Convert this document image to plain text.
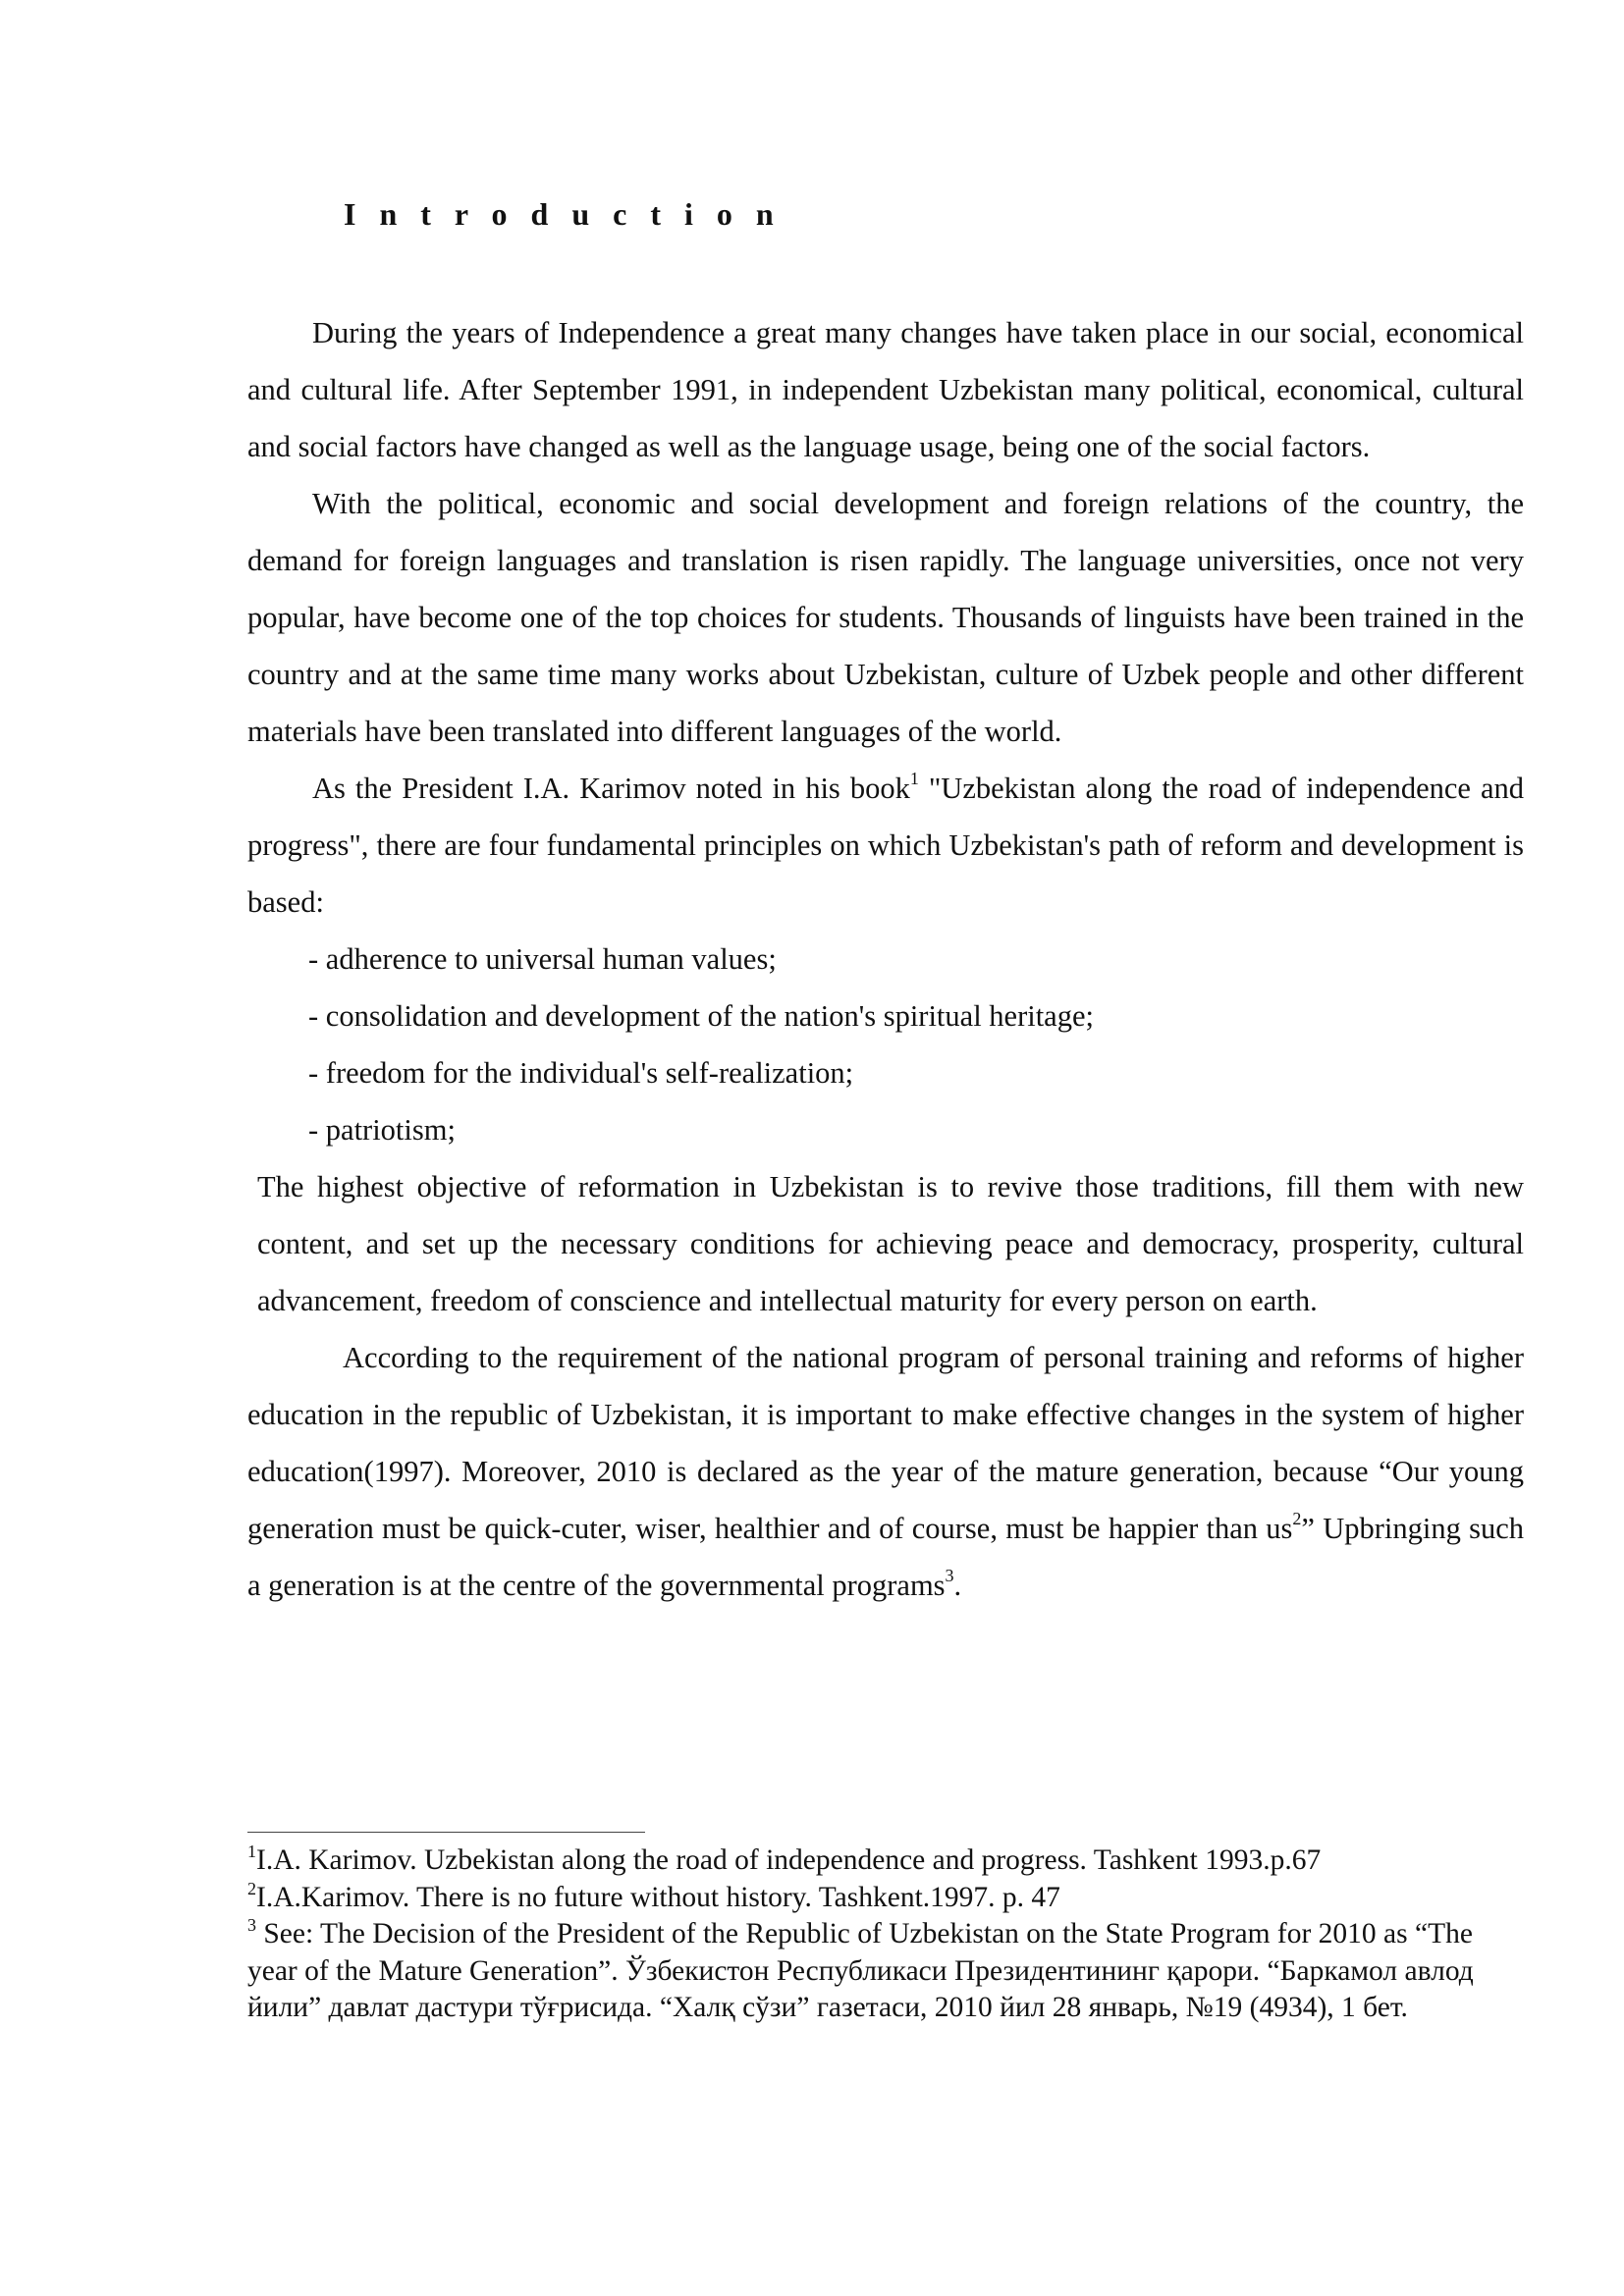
I n t r o d u c t i o n

During the years of Independence a great many changes have taken place in our social, economical and cultural life. After September 1991, in independent Uzbekistan many political, economical, cultural and social factors have changed as well as the language usage, being one of the social factors.

With the political, economic and social development and foreign relations of the country, the demand for foreign languages and translation is risen rapidly. The language universities, once not very popular, have become one of the top choices for students. Thousands of linguists have been trained in the country and at the same time many works about Uzbekistan, culture of Uzbek people and other different materials have been translated into different languages of the world.

As the President I.A. Karimov noted in his book$^1$ "Uzbekistan along the road of independence and progress", there are four fundamental principles on which Uzbekistan's path of reform and development is based:

- adherence to universal human values;
- consolidation and development of the nation's spiritual heritage;
- freedom for the individual's self-realization;
- patriotism;

The highest objective of reformation in Uzbekistan is to revive those traditions, fill them with new content, and set up the necessary conditions for achieving peace and democracy, prosperity, cultural advancement, freedom of conscience and intellectual maturity for every person on earth.

According to the requirement of the national program of personal training and reforms of higher education in the republic of Uzbekistan, it is important to make effective changes in the system of higher education(1997). Moreover, 2010 is declared as the year of the mature generation, because “Our young generation must be quick-cuter, wiser, healthier and of course, must be happier than $us^2$” Upbringing such a generation is at the centre of the governmental programs$^3$.

$^1$I.A. Karimov. Uzbekistan along the road of independence and progress. Tashkent 1993.p.67

$^2$I.A.Karimov. There is no future without history. Tashkent.1997. p. 47

$^3$ See: The Decision of the President of the Republic of Uzbekistan on the State Program for 2010 as “The year of the Mature Generation”. Ўзбекистон Республикаси Президентининг қарори. “Баркамол авлод йили” давлат дастури тўғрисида. “Халқ сўзи” газетаси, 2010 йил 28 январь, №19 (4934), 1 бет.
